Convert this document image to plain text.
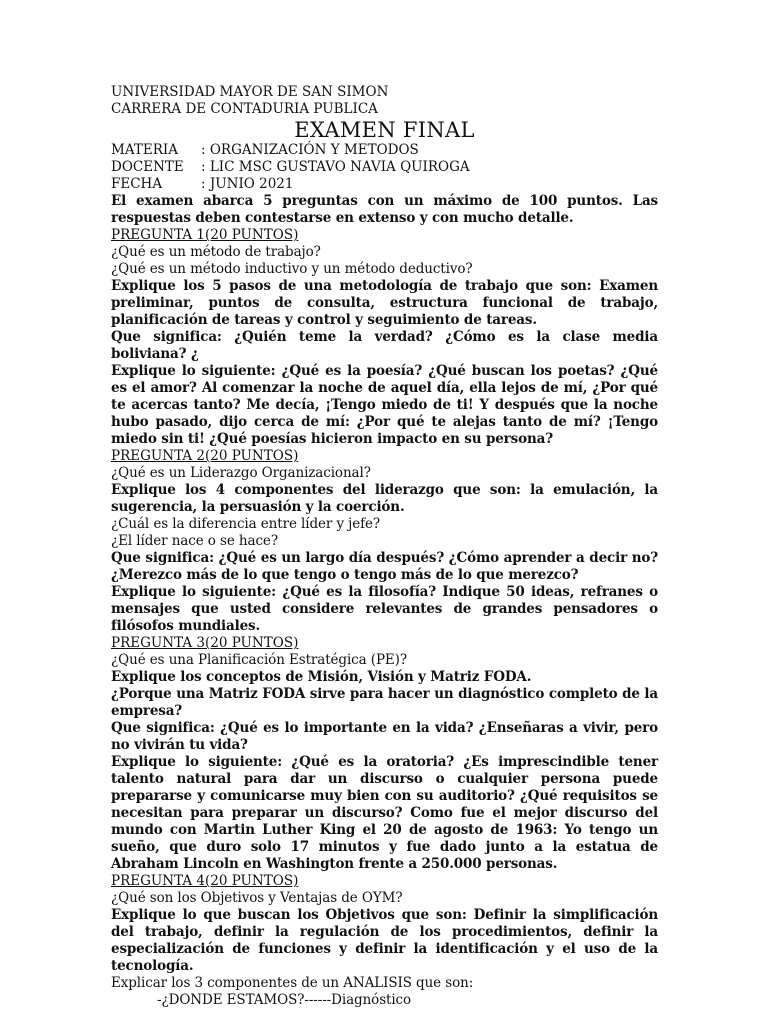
UNIVERSIDAD MAYOR DE SAN SIMON

CARRERA DE CONTADURIA PUBLICA

EXAMEN FINAL

MATERIA	: ORGANIZACIÓN Y METODOS
DOCENTE	: LIC MSC GUSTAVO NAVIA QUIROGA
FECHA	: JUNIO 2021

El examen abarca 5 preguntas con un máximo de 100 puntos. Las respuestas deben contestarse en extenso y con mucho detalle.

PREGUNTA 1(20 PUNTOS)

¿Qué es un método de trabajo?

¿Qué es un método inductivo y un método deductivo?

Explique los 5 pasos de una metodología de trabajo que son: Examen preliminar, puntos de consulta, estructura funcional de trabajo, planificación de tareas y control y seguimiento de tareas.

Que significa: ¿Quién teme la verdad? ¿Cómo es la clase media boliviana? ¿

Explique lo siguiente: ¿Qué es la poesía? ¿Qué buscan los poetas? ¿Qué es el amor? Al comenzar la noche de aquel día, ella lejos de mí, ¿Por qué te acercas tanto? Me decía, ¡Tengo miedo de ti! Y después que la noche hubo pasado, dijo cerca de mí: ¿Por qué te alejas tanto de mí? ¡Tengo miedo sin ti! ¿Qué poesías hicieron impacto en su persona?

PREGUNTA 2(20 PUNTOS)

¿Qué es un Liderazgo Organizacional?

Explique los 4 componentes del liderazgo que son: la emulación, la sugerencia, la persuasión y la coerción.

¿Cuál es la diferencia entre líder y jefe?

¿El líder nace o se hace?

Que significa: ¿Qué es un largo día después? ¿Cómo aprender a decir no? ¿Merezco más de lo que tengo o tengo más de lo que merezco?

Explique lo siguiente: ¿Qué es la filosofía? Indique 50 ideas, refranes o mensajes que usted considere relevantes de grandes pensadores o filósofos mundiales.

PREGUNTA 3(20 PUNTOS)

¿Qué es una Planificación Estratégica (PE)?

Explique los conceptos de Misión, Visión y Matriz FODA.

¿Porque una Matriz FODA sirve para hacer un diagnóstico completo de la empresa?

Que significa: ¿Qué es lo importante en la vida? ¿Enseñaras a vivir, pero no vivirán tu vida?

Explique lo siguiente: ¿Qué es la oratoria? ¿Es imprescindible tener talento natural para dar un discurso o cualquier persona puede prepararse y comunicarse muy bien con su auditorio? ¿Qué requisitos se necesitan para preparar un discurso? Como fue el mejor discurso del mundo con Martin Luther King el 20 de agosto de 1963: Yo tengo un sueño, que duro solo 17 minutos y fue dado junto a la estatua de Abraham Lincoln en Washington frente a 250.000 personas.

PREGUNTA 4(20 PUNTOS)

¿Qué son los Objetivos y Ventajas de OYM?

Explique lo que buscan los Objetivos que son: Definir la simplificación del trabajo, definir la regulación de los procedimientos, definir la especialización de funciones y definir la identificación y el uso de la tecnología.

Explicar los 3 componentes de un ANALISIS que son:

-¿DONDE ESTAMOS?------Diagnóstico
